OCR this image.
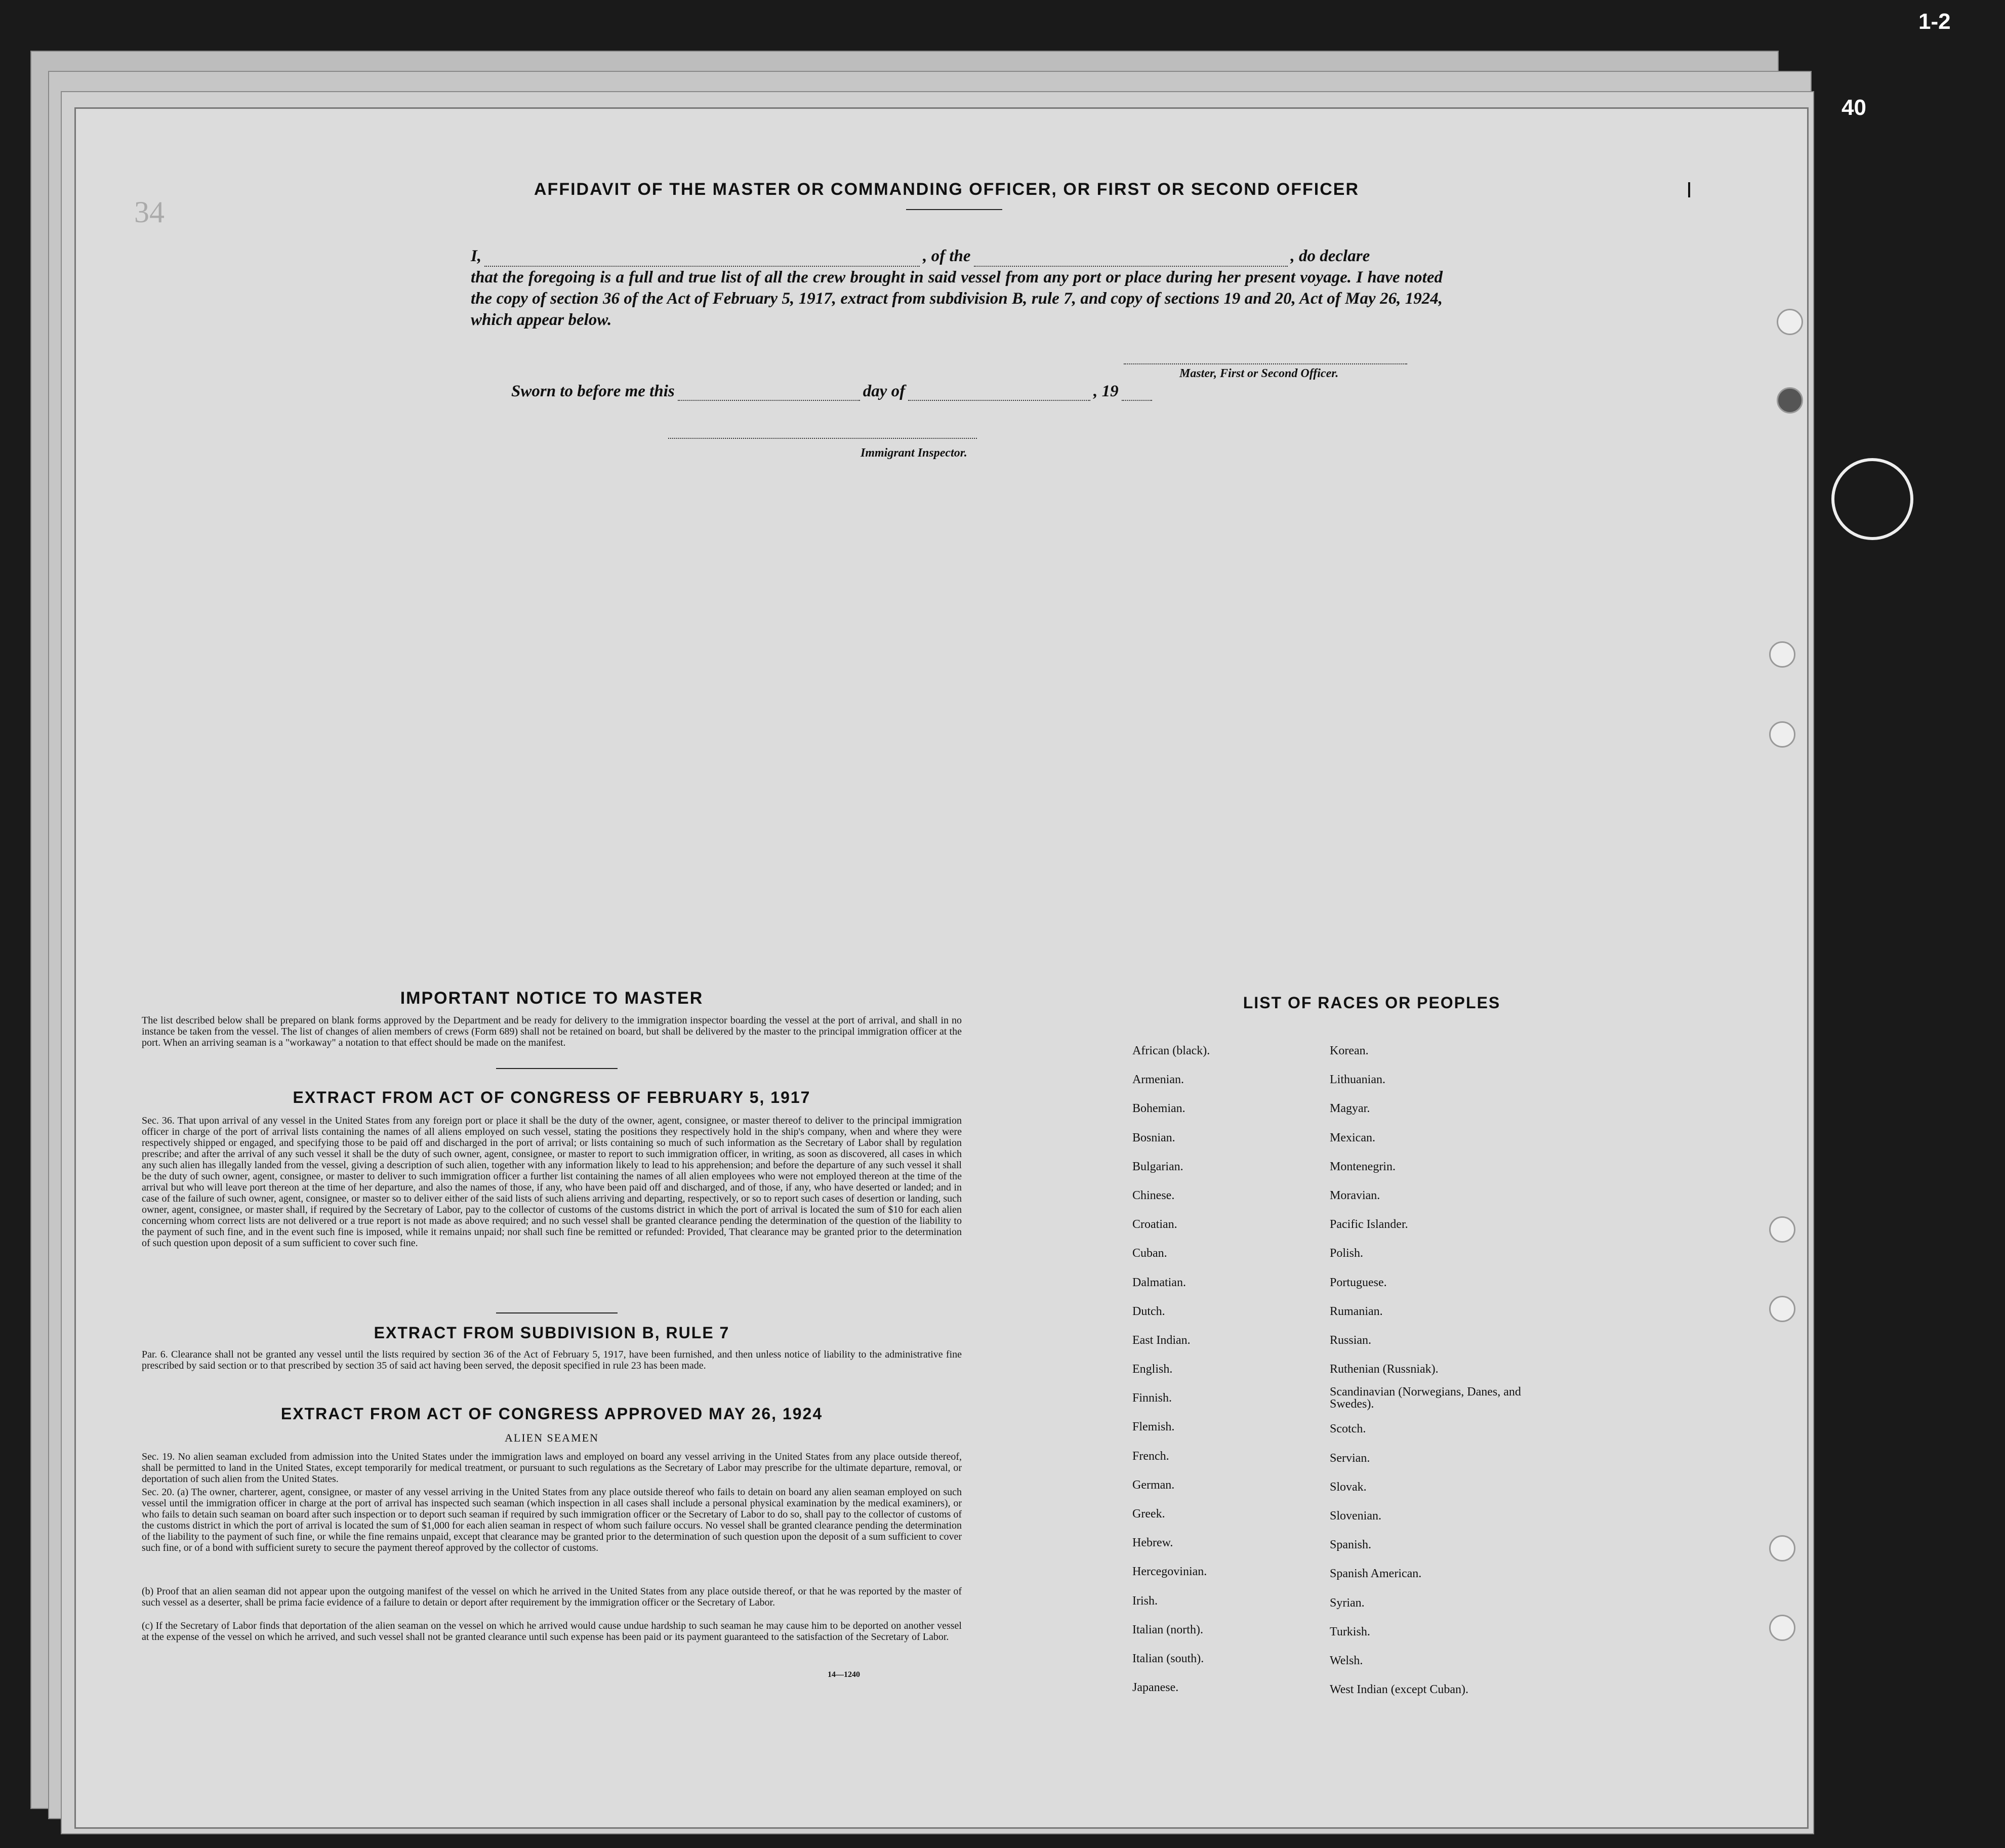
1-2
40
34
AFFIDAVIT OF THE MASTER OR COMMANDING OFFICER, OR FIRST OR SECOND OFFICER
I,	, of the	, do declare
that the foregoing is a full and true list of all the crew brought in said vessel from any port or place during her present voyage. I have noted the copy of section 36 of the Act of February 5, 1917, extract from subdivision B, rule 7, and copy of sections 19 and 20, Act of May 26, 1924, which appear below.
Master, First or Second Officer.
Sworn to before me this	day of	, 19
Immigrant Inspector.
IMPORTANT NOTICE TO MASTER
The list described below shall be prepared on blank forms approved by the Department and be ready for delivery to the immigration inspector boarding the vessel at the port of arrival, and shall in no instance be taken from the vessel. The list of changes of alien members of crews (Form 689) shall not be retained on board, but shall be delivered by the master to the principal immigration officer at the port. When an arriving seaman is a "workaway" a notation to that effect should be made on the manifest.
EXTRACT FROM ACT OF CONGRESS OF FEBRUARY 5, 1917
Sec. 36. That upon arrival of any vessel in the United States from any foreign port or place it shall be the duty of the owner, agent, consignee, or master thereof to deliver to the principal immigration officer in charge of the port of arrival lists containing the names of all aliens employed on such vessel, stating the positions they respectively hold in the ship's company, when and where they were respectively shipped or engaged, and specifying those to be paid off and discharged in the port of arrival; or lists containing so much of such information as the Secretary of Labor shall by regulation prescribe; and after the arrival of any such vessel it shall be the duty of such owner, agent, consignee, or master to report to such immigration officer, in writing, as soon as discovered, all cases in which any such alien has illegally landed from the vessel, giving a description of such alien, together with any information likely to lead to his apprehension; and before the departure of any such vessel it shall be the duty of such owner, agent, consignee, or master to deliver to such immigration officer a further list containing the names of all alien employees who were not employed thereon at the time of the arrival but who will leave port thereon at the time of her departure, and also the names of those, if any, who have been paid off and discharged, and of those, if any, who have deserted or landed; and in case of the failure of such owner, agent, consignee, or master so to deliver either of the said lists of such aliens arriving and departing, respectively, or so to report such cases of desertion or landing, such owner, agent, consignee, or master shall, if required by the Secretary of Labor, pay to the collector of customs of the customs district in which the port of arrival is located the sum of $10 for each alien concerning whom correct lists are not delivered or a true report is not made as above required; and no such vessel shall be granted clearance pending the determination of the question of the liability to the payment of such fine, and in the event such fine is imposed, while it remains unpaid; nor shall such fine be remitted or refunded: Provided, That clearance may be granted prior to the determination of such question upon deposit of a sum sufficient to cover such fine.
EXTRACT FROM SUBDIVISION B, RULE 7
Par. 6. Clearance shall not be granted any vessel until the lists required by section 36 of the Act of February 5, 1917, have been furnished, and then unless notice of liability to the administrative fine prescribed by said section or to that prescribed by section 35 of said act having been served, the deposit specified in rule 23 has been made.
EXTRACT FROM ACT OF CONGRESS APPROVED MAY 26, 1924
ALIEN SEAMEN
Sec. 19. No alien seaman excluded from admission into the United States under the immigration laws and employed on board any vessel arriving in the United States from any place outside thereof, shall be permitted to land in the United States, except temporarily for medical treatment, or pursuant to such regulations as the Secretary of Labor may prescribe for the ultimate departure, removal, or deportation of such alien from the United States.
Sec. 20. (a) The owner, charterer, agent, consignee, or master of any vessel arriving in the United States from any place outside thereof who fails to detain on board any alien seaman employed on such vessel until the immigration officer in charge at the port of arrival has inspected such seaman (which inspection in all cases shall include a personal physical examination by the medical examiners), or who fails to detain such seaman on board after such inspection or to deport such seaman if required by such immigration officer or the Secretary of Labor to do so, shall pay to the collector of customs of the customs district in which the port of arrival is located the sum of $1,000 for each alien seaman in respect of whom such failure occurs. No vessel shall be granted clearance pending the determination of the liability to the payment of such fine, or while the fine remains unpaid, except that clearance may be granted prior to the determination of such question upon the deposit of a sum sufficient to cover such fine, or of a bond with sufficient surety to secure the payment thereof approved by the collector of customs.
(b) Proof that an alien seaman did not appear upon the outgoing manifest of the vessel on which he arrived in the United States from any place outside thereof, or that he was reported by the master of such vessel as a deserter, shall be prima facie evidence of a failure to detain or deport after requirement by the immigration officer or the Secretary of Labor.
(c) If the Secretary of Labor finds that deportation of the alien seaman on the vessel on which he arrived would cause undue hardship to such seaman he may cause him to be deported on another vessel at the expense of the vessel on which he arrived, and such vessel shall not be granted clearance until such expense has been paid or its payment guaranteed to the satisfaction of the Secretary of Labor.
14—1240
LIST OF RACES OR PEOPLES
African (black).
Armenian.
Bohemian.
Bosnian.
Bulgarian.
Chinese.
Croatian.
Cuban.
Dalmatian.
Dutch.
East Indian.
English.
Finnish.
Flemish.
French.
German.
Greek.
Hebrew.
Hercegovinian.
Irish.
Italian (north).
Italian (south).
Japanese.
Korean.
Lithuanian.
Magyar.
Mexican.
Montenegrin.
Moravian.
Pacific Islander.
Polish.
Portuguese.
Rumanian.
Russian.
Ruthenian (Russniak).
Scandinavian (Norwegians, Danes, and Swedes).
Scotch.
Servian.
Slovak.
Slovenian.
Spanish.
Spanish American.
Syrian.
Turkish.
Welsh.
West Indian (except Cuban).
